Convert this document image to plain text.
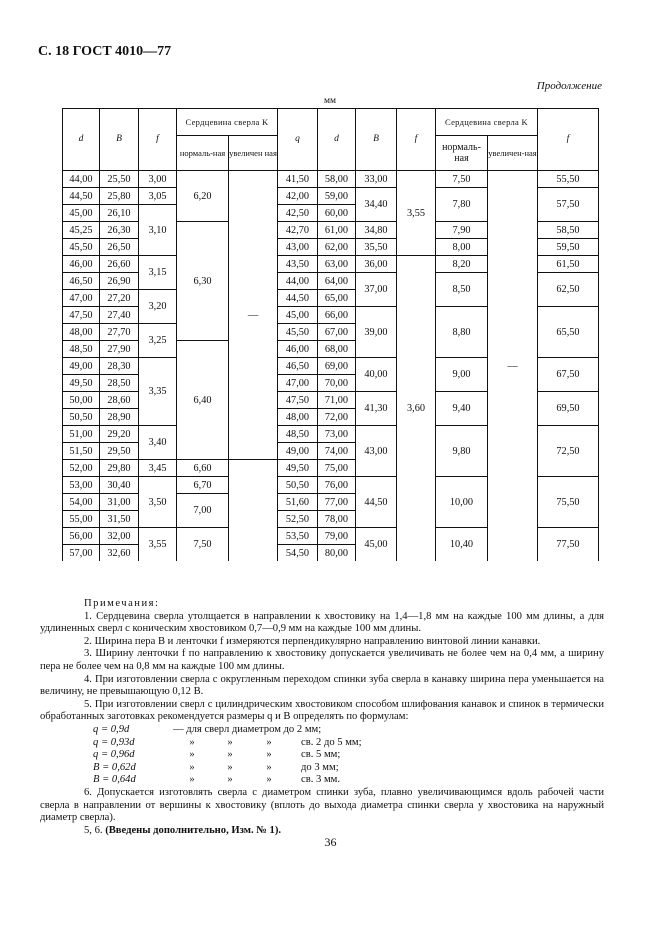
С. 18 ГОСТ 4010—77
Продолжение
мм
d	B	f	Сердцевина сверла K		q	d	B	f	Сердцевина сверла K		f
			нормаль-ная	увеличен ная					нормаль-ная	увеличен-ная	
44,00	25,50	3,00	6,20	—	41,50	58,00	33,00	3,55	7,50	—	55,50
44,50	25,80	3,05			42,00	59,00	34,40		7,80		57,50
45,00	26,10	3,10			42,50	60,00					
45,25	26,30		6,30		42,70	61,00	34,80		7,90		58,50
45,50	26,50				43,00	62,00	35,50		8,00		59,50
46,00	26,60	3,15			43,50	63,00	36,00	3,60	8,20		61,50
46,50	26,90				44,00	64,00	37,00		8,50		62,50
47,00	27,20	3,20			44,50	65,00					
47,50	27,40				45,00	66,00	39,00		8,80		65,50
48,00	27,70	3,25			45,50	67,00					
48,50	27,90		6,40		46,00	68,00					
49,00	28,30	3,35			46,50	69,00	40,00		9,00		67,50
49,50	28,50				47,00	70,00					
50,00	28,60				47,50	71,00	41,30		9,40		69,50
50,50	28,90				48,00	72,00					
51,00	29,20	3,40			48,50	73,00	43,00		9,80		72,50
51,50	29,50				49,00	74,00					
52,00	29,80	3,45	6,60		49,50	75,00					
53,00	30,40	3,50	6,70		50,50	76,00	44,50		10,00		75,50
54,00	31,00		7,00		51,60	77,00					
55,00	31,50				52,50	78,00					
56,00	32,00	3,55	7,50		53,50	79,00	45,00		10,40		77,50
57,00	32,60				54,50	80,00					

Примечания:

1. Сердцевина сверла утолщается в направлении к хвостовику на 1,4—1,8 мм на каждые 100 мм длины, а для удлиненных сверл с коническим хвостовиком 0,7—0,9 мм на каждые 100 мм длины.

2. Ширина пера B и ленточки f измеряются перпендикулярно направлению винтовой линии канавки.

3. Ширину ленточки f по направлению к хвостовику допускается увеличивать не более чем на 0,4 мм, а ширину пера не более чем на 0,8 мм на каждые 100 мм длины.

4. При изготовлении сверла с округленным переходом спинки зуба сверла в канавку ширина пера уменьшается на величину, не превышающую 0,12 B.

5. При изготовлении сверл с цилиндрическим хвостовиком способом шлифования канавок и спинок в термически обработанных заготовках рекомендуется размеры q и B определять по формулам:

q = 0,9d	— для сверл диаметром до 2 мм;
q = 0,93d	»	»	»	св. 2 до 5 мм;
q = 0,96d	»	»	»	св. 5 мм;
B = 0,62d	»	»	»	до 3 мм;
B = 0,64d	»	»	»	св. 3 мм.

6. Допускается изготовлять сверла с диаметром спинки зуба, плавно увеличивающимся вдоль рабочей части сверла в направлении от вершины к хвостовику (вплоть до выхода диаметра спинки сверла у хвостовика на наружный диаметр сверла).

5, 6. (Введены дополнительно, Изм. № 1).

36
